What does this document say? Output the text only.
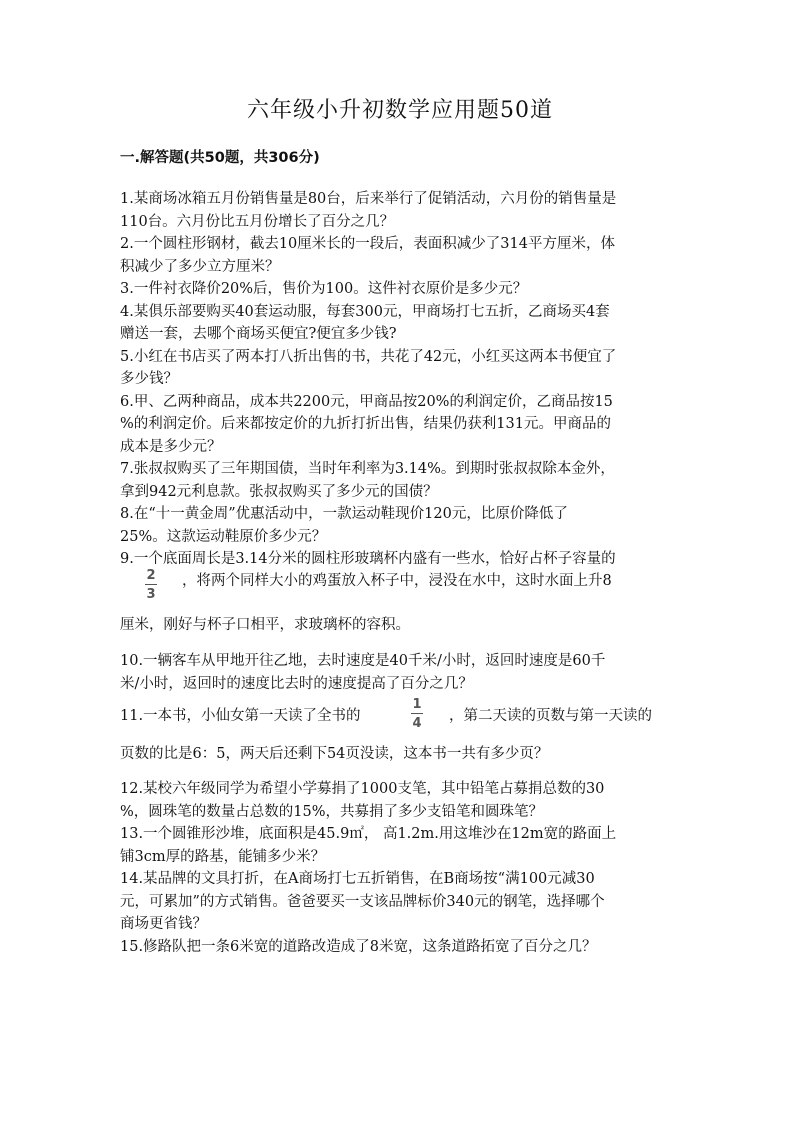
六年级小升初数学应用题50道
一.解答题(共50题，共306分)
1.某商场冰箱五月份销售量是80台，后来举行了促销活动，六月份的销售量是
110台。六月份比五月份增长了百分之几？
2.一个圆柱形钢材，截去10厘米长的一段后，表面积减少了314平方厘米，体
积减少了多少立方厘米？
3.一件衬衣降价20%后，售价为100。这件衬衣原价是多少元？
4.某俱乐部要购买40套运动服，每套300元，甲商场打七五折，乙商场买4套
赠送一套，去哪个商场买便宜?便宜多少钱?
5.小红在书店买了两本打八折出售的书，共花了42元，小红买这两本书便宜了
多少钱？
6.甲、乙两种商品，成本共2200元，甲商品按20%的利润定价，乙商品按15
%的利润定价。后来都按定价的九折打折出售，结果仍获利131元。甲商品的
成本是多少元？
7.张叔叔购买了三年期国债，当时年利率为3.14%。到期时张叔叔除本金外，
拿到942元利息款。张叔叔购买了多少元的国债？
8.在“十一黄金周”优惠活动中，一款运动鞋现价120元，比原价降低了
25%。这款运动鞋原价多少元？
9.一个底面周长是3.14分米的圆柱形玻璃杯内盛有一些水，恰好占杯子容量的
2
3
，将两个同样大小的鸡蛋放入杯子中，浸没在水中，这时水面上升8
厘米，刚好与杯子口相平，求玻璃杯的容积。
10.一辆客车从甲地开往乙地，去时速度是40千米/小时，返回时速度是60千
米/小时，返回时的速度比去时的速度提高了百分之几？
11.一本书，小仙女第一天读了全书的
1
4	，第二天读的页数与第一天读的
页数的比是6：5，两天后还剩下54页没读，这本书一共有多少页？
12.某校六年级同学为希望小学募捐了1000支笔，其中铅笔占募捐总数的30
%，圆珠笔的数量占总数的15%，共募捐了多少支铅笔和圆珠笔？
13.一个圆锥形沙堆，底面积是45.9㎡， 高1.2m.用这堆沙在12m宽的路面上
铺3cm厚的路基，能铺多少米？
14.某品牌的文具打折，在A商场打七五折销售，在B商场按“满100元减30
元，可累加”的方式销售。爸爸要买一支该品牌标价340元的钢笔，选择哪个
商场更省钱？
15.修路队把一条6米宽的道路改造成了8米宽，这条道路拓宽了百分之几？
